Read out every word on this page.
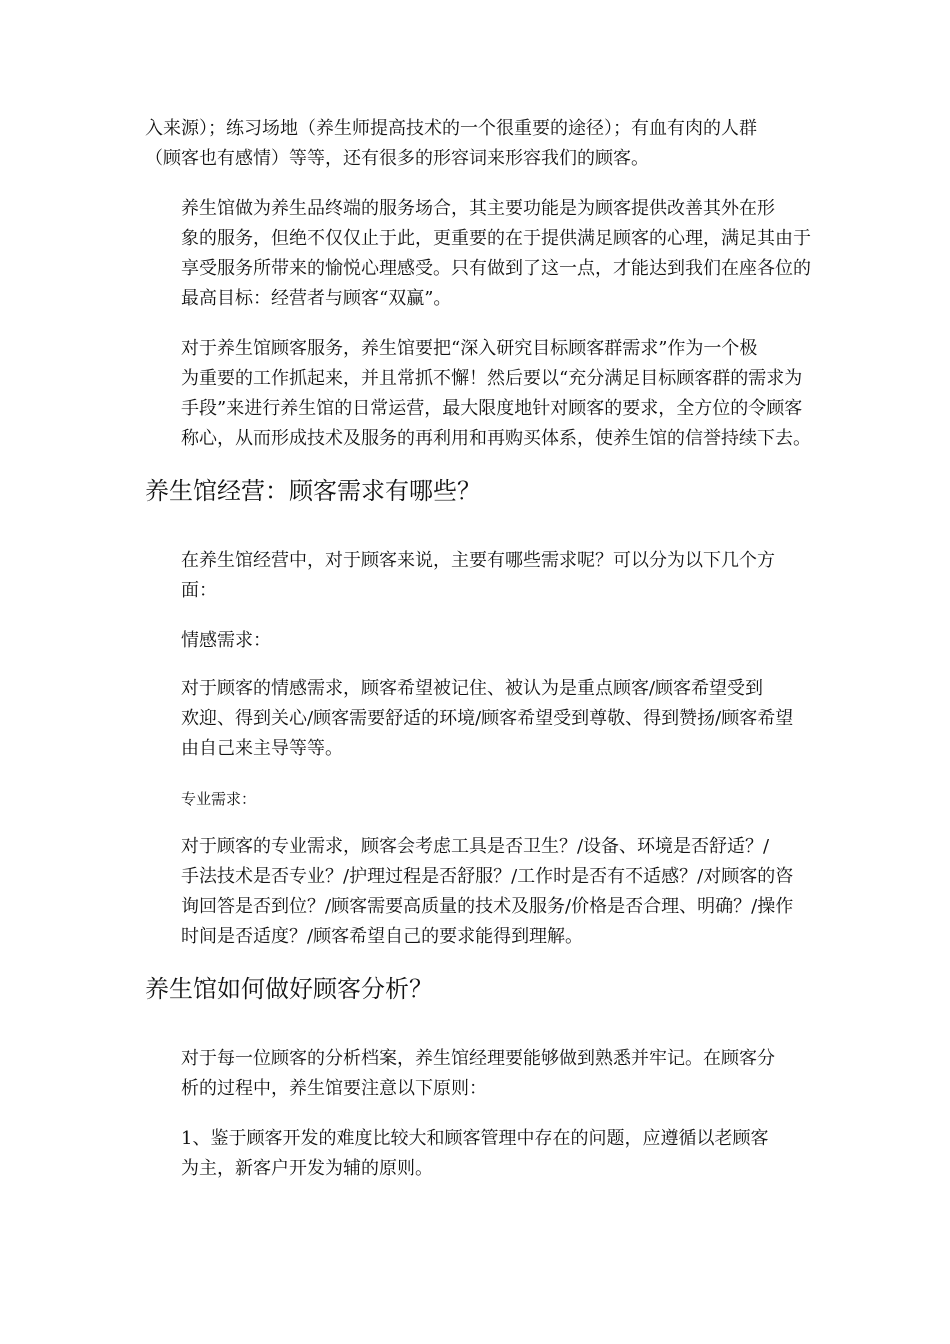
入来源）；练习场地（养生师提高技术的一个很重要的途径）；有血有肉的人群
（顾客也有感情）等等，还有很多的形容词来形容我们的顾客。

养生馆做为养生品终端的服务场合，其主要功能是为顾客提供改善其外在形
象的服务，但绝不仅仅止于此，更重要的在于提供满足顾客的心理，满足其由于
享受服务所带来的愉悦心理感受。只有做到了这一点，才能达到我们在座各位的
最高目标：经营者与顾客“双赢”。

对于养生馆顾客服务，养生馆要把“深入研究目标顾客群需求”作为一个极
为重要的工作抓起来，并且常抓不懈！然后要以“充分满足目标顾客群的需求为
手段”来进行养生馆的日常运营，最大限度地针对顾客的要求，全方位的令顾客
称心，从而形成技术及服务的再利用和再购买体系，使养生馆的信誉持续下去。

养生馆经营：顾客需求有哪些？

在养生馆经营中，对于顾客来说，主要有哪些需求呢？可以分为以下几个方
面：

情感需求：

对于顾客的情感需求，顾客希望被记住、被认为是重点顾客/顾客希望受到
欢迎、得到关心/顾客需要舒适的环境/顾客希望受到尊敬、得到赞扬/顾客希望
由自己来主导等等。

专业需求：

对于顾客的专业需求，顾客会考虑工具是否卫生？/设备、环境是否舒适？/
手法技术是否专业？/护理过程是否舒服？/工作时是否有不适感？/对顾客的咨
询回答是否到位？/顾客需要高质量的技术及服务/价格是否合理、明确？/操作
时间是否适度？/顾客希望自己的要求能得到理解。

养生馆如何做好顾客分析？

对于每一位顾客的分析档案，养生馆经理要能够做到熟悉并牢记。在顾客分
析的过程中，养生馆要注意以下原则：

1、鉴于顾客开发的难度比较大和顾客管理中存在的问题，应遵循以老顾客
为主，新客户开发为辅的原则。
